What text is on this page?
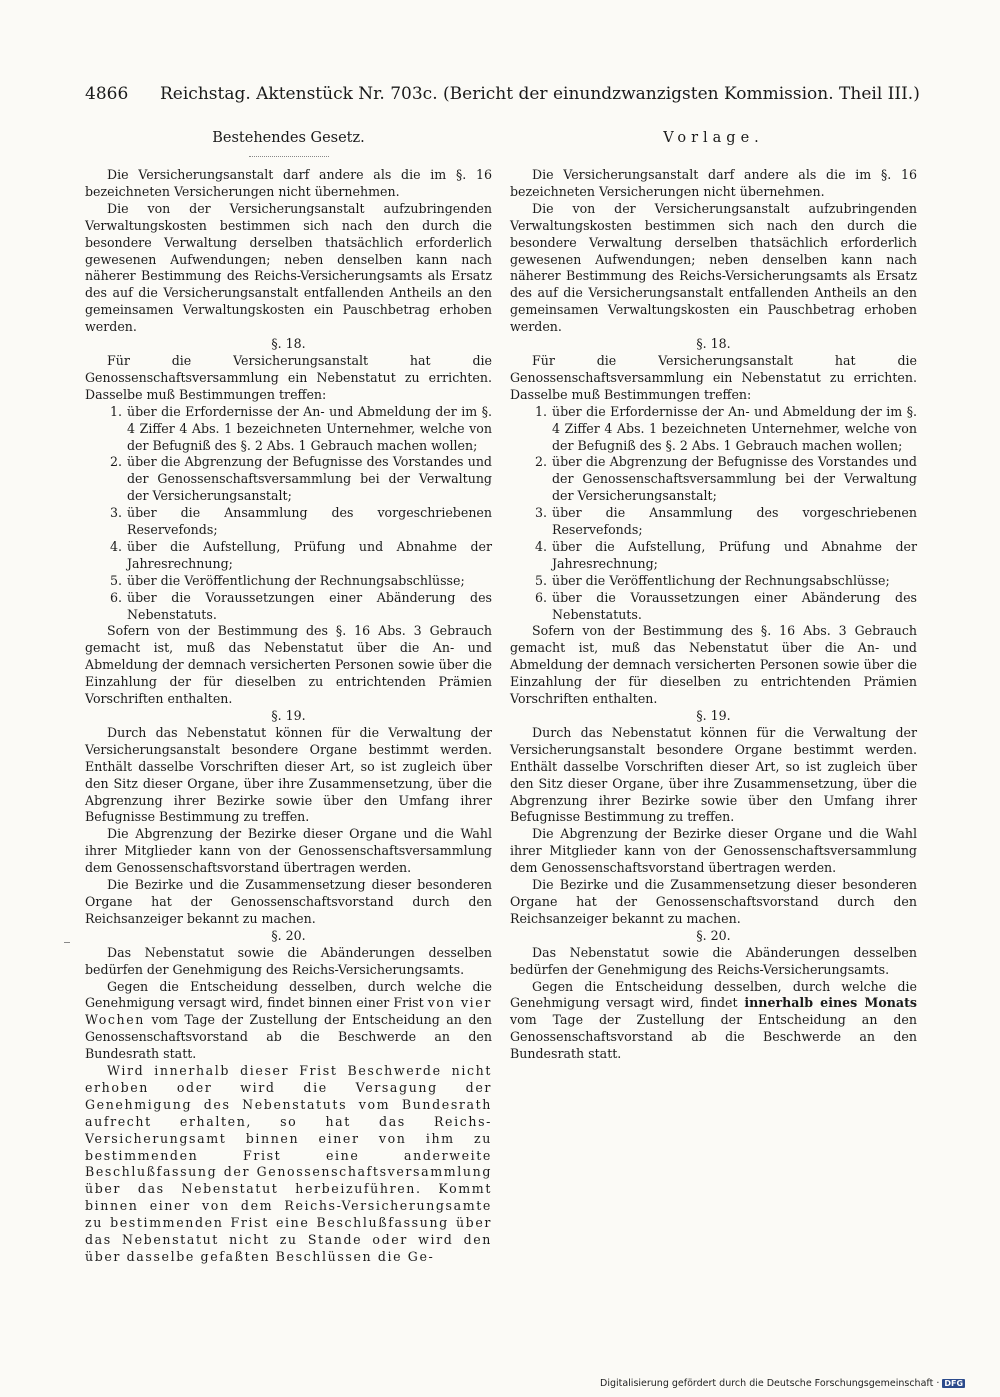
4866 Reichstag. Aktenstück Nr. 703c. (Bericht der einundzwanzigsten Kommission. Theil III.)
Bestehendes Gesetz.

Die Versicherungsanstalt darf andere als die im §. 16 bezeichneten Versicherungen nicht übernehmen.

Die von der Versicherungsanstalt aufzubringenden Verwaltungskosten bestimmen sich nach den durch die besondere Verwaltung derselben thatsächlich erforderlich gewesenen Aufwendungen; neben denselben kann nach näherer Bestimmung des Reichs-Versicherungsamts als Ersatz des auf die Versicherungsanstalt entfallenden Antheils an den gemeinsamen Verwaltungskosten ein Pauschbetrag erhoben werden.

§. 18.

Für die Versicherungsanstalt hat die Genossenschaftsversammlung ein Nebenstatut zu errichten. Dasselbe muß Bestimmungen treffen:

1. über die Erfordernisse der An- und Abmeldung der im §. 4 Ziffer 4 Abs. 1 bezeichneten Unternehmer, welche von der Befugniß des §. 2 Abs. 1 Gebrauch machen wollen;
2. über die Abgrenzung der Befugnisse des Vorstandes und der Genossenschaftsversammlung bei der Verwaltung der Versicherungsanstalt;
3. über die Ansammlung des vorgeschriebenen Reservefonds;
4. über die Aufstellung, Prüfung und Abnahme der Jahresrechnung;
5. über die Veröffentlichung der Rechnungsabschlüsse;
6. über die Voraussetzungen einer Abänderung des Nebenstatuts.

Sofern von der Bestimmung des §. 16 Abs. 3 Gebrauch gemacht ist, muß das Nebenstatut über die An- und Abmeldung der demnach versicherten Personen sowie über die Einzahlung der für dieselben zu entrichtenden Prämien Vorschriften enthalten.

§. 19.

Durch das Nebenstatut können für die Verwaltung der Versicherungsanstalt besondere Organe bestimmt werden. Enthält dasselbe Vorschriften dieser Art, so ist zugleich über den Sitz dieser Organe, über ihre Zusammensetzung, über die Abgrenzung ihrer Bezirke sowie über den Umfang ihrer Befugnisse Bestimmung zu treffen.

Die Abgrenzung der Bezirke dieser Organe und die Wahl ihrer Mitglieder kann von der Genossenschaftsversammlung dem Genossenschaftsvorstand übertragen werden.

Die Bezirke und die Zusammensetzung dieser besonderen Organe hat der Genossenschaftsvorstand durch den Reichsanzeiger bekannt zu machen.

§. 20.

Das Nebenstatut sowie die Abänderungen desselben bedürfen der Genehmigung des Reichs-Versicherungsamts.

Gegen die Entscheidung desselben, durch welche die Genehmigung versagt wird, findet binnen einer Frist von vier Wochen vom Tage der Zustellung der Entscheidung an den Genossenschaftsvorstand ab die Beschwerde an den Bundesrath statt.

Wird innerhalb dieser Frist Beschwerde nicht erhoben oder wird die Versagung der Genehmigung des Nebenstatuts vom Bundesrath aufrecht erhalten, so hat das Reichs-Versicherungsamt binnen einer von ihm zu bestimmenden Frist eine anderweite Beschlußfassung der Genossenschaftsversammlung über das Nebenstatut herbeizuführen. Kommt binnen einer von dem Reichs-Versicherungsamte zu bestimmenden Frist eine Beschlußfassung über das Nebenstatut nicht zu Stande oder wird den über dasselbe gefaßten Beschlüssen die Ge-

Vorlage.

Die Versicherungsanstalt darf andere als die im §. 16 bezeichneten Versicherungen nicht übernehmen.

Die von der Versicherungsanstalt aufzubringenden Verwaltungskosten bestimmen sich nach den durch die besondere Verwaltung derselben thatsächlich erforderlich gewesenen Aufwendungen; neben denselben kann nach näherer Bestimmung des Reichs-Versicherungsamts als Ersatz des auf die Versicherungsanstalt entfallenden Antheils an den gemeinsamen Verwaltungskosten ein Pauschbetrag erhoben werden.

§. 18.

Für die Versicherungsanstalt hat die Genossenschaftsversammlung ein Nebenstatut zu errichten. Dasselbe muß Bestimmungen treffen:

1. über die Erfordernisse der An- und Abmeldung der im §. 4 Ziffer 4 Abs. 1 bezeichneten Unternehmer, welche von der Befugniß des §. 2 Abs. 1 Gebrauch machen wollen;
2. über die Abgrenzung der Befugnisse des Vorstandes und der Genossenschaftsversammlung bei der Verwaltung der Versicherungsanstalt;
3. über die Ansammlung des vorgeschriebenen Reservefonds;
4. über die Aufstellung, Prüfung und Abnahme der Jahresrechnung;
5. über die Veröffentlichung der Rechnungsabschlüsse;
6. über die Voraussetzungen einer Abänderung des Nebenstatuts.

Sofern von der Bestimmung des §. 16 Abs. 3 Gebrauch gemacht ist, muß das Nebenstatut über die An- und Abmeldung der demnach versicherten Personen sowie über die Einzahlung der für dieselben zu entrichtenden Prämien Vorschriften enthalten.

§. 19.

Durch das Nebenstatut können für die Verwaltung der Versicherungsanstalt besondere Organe bestimmt werden. Enthält dasselbe Vorschriften dieser Art, so ist zugleich über den Sitz dieser Organe, über ihre Zusammensetzung, über die Abgrenzung ihrer Bezirke sowie über den Umfang ihrer Befugnisse Bestimmung zu treffen.

Die Abgrenzung der Bezirke dieser Organe und die Wahl ihrer Mitglieder kann von der Genossenschaftsversammlung dem Genossenschaftsvorstand übertragen werden.

Die Bezirke und die Zusammensetzung dieser besonderen Organe hat der Genossenschaftsvorstand durch den Reichsanzeiger bekannt zu machen.

§. 20.

Das Nebenstatut sowie die Abänderungen desselben bedürfen der Genehmigung des Reichs-Versicherungsamts.

Gegen die Entscheidung desselben, durch welche die Genehmigung versagt wird, findet innerhalb eines Monats vom Tage der Zustellung der Entscheidung an den Genossenschaftsvorstand ab die Beschwerde an den Bundesrath statt.

Digitalisierung gefördert durch die Deutsche Forschungsgemeinschaft · DFG
